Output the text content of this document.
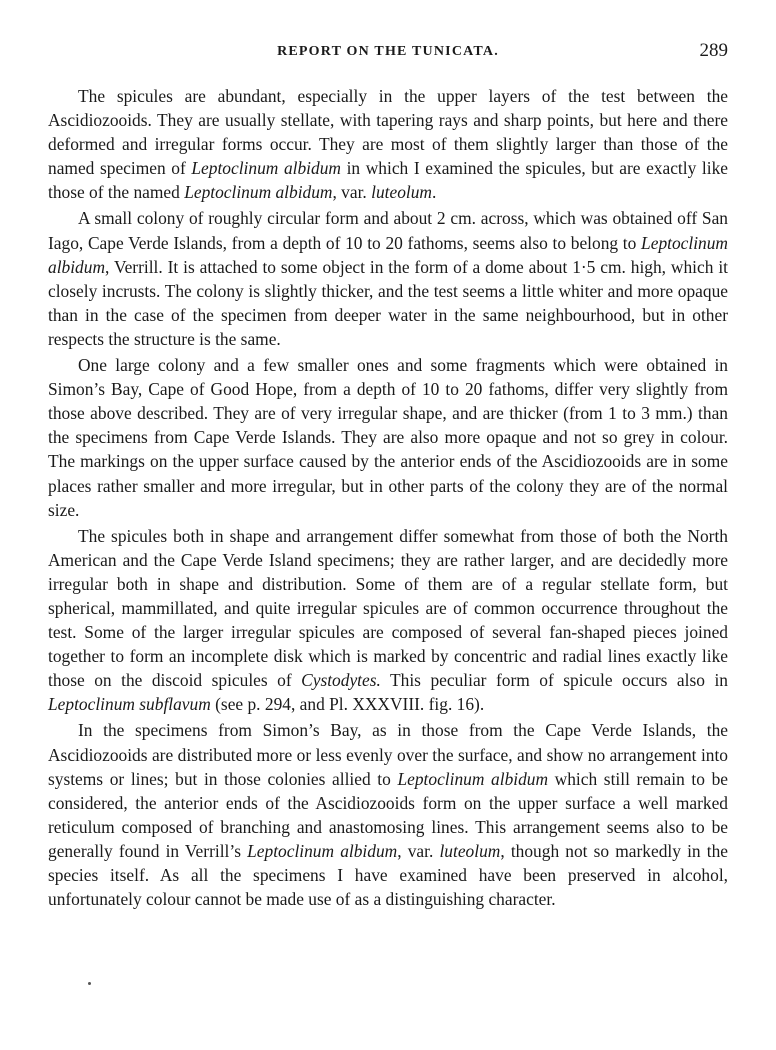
REPORT ON THE TUNICATA.	289

The spicules are abundant, especially in the upper layers of the test between the Ascidiozooids. They are usually stellate, with tapering rays and sharp points, but here and there deformed and irregular forms occur. They are most of them slightly larger than those of the named specimen of Leptoclinum albidum in which I examined the spicules, but are exactly like those of the named Leptoclinum albidum, var. luteolum.

A small colony of roughly circular form and about 2 cm. across, which was obtained off San Iago, Cape Verde Islands, from a depth of 10 to 20 fathoms, seems also to belong to Leptoclinum albidum, Verrill. It is attached to some object in the form of a dome about 1·5 cm. high, which it closely incrusts. The colony is slightly thicker, and the test seems a little whiter and more opaque than in the case of the specimen from deeper water in the same neighbourhood, but in other respects the structure is the same.

One large colony and a few smaller ones and some fragments which were obtained in Simon’s Bay, Cape of Good Hope, from a depth of 10 to 20 fathoms, differ very slightly from those above described. They are of very irregular shape, and are thicker (from 1 to 3 mm.) than the specimens from Cape Verde Islands. They are also more opaque and not so grey in colour. The markings on the upper surface caused by the anterior ends of the Ascidiozooids are in some places rather smaller and more irregular, but in other parts of the colony they are of the normal size.

The spicules both in shape and arrangement differ somewhat from those of both the North American and the Cape Verde Island specimens; they are rather larger, and are decidedly more irregular both in shape and distribution. Some of them are of a regular stellate form, but spherical, mammillated, and quite irregular spicules are of common occurrence throughout the test. Some of the larger irregular spicules are composed of several fan-shaped pieces joined together to form an incomplete disk which is marked by concentric and radial lines exactly like those on the discoid spicules of Cystodytes. This peculiar form of spicule occurs also in Leptoclinum subflavum (see p. 294, and Pl. XXXVIII. fig. 16).

In the specimens from Simon’s Bay, as in those from the Cape Verde Islands, the Ascidiozooids are distributed more or less evenly over the surface, and show no arrangement into systems or lines; but in those colonies allied to Leptoclinum albidum which still remain to be considered, the anterior ends of the Ascidiozooids form on the upper surface a well marked reticulum composed of branching and anastomosing lines. This arrangement seems also to be generally found in Verrill’s Leptoclinum albidum, var. luteolum, though not so markedly in the species itself. As all the specimens I have examined have been preserved in alcohol, unfortunately colour cannot be made use of as a distinguishing character.
